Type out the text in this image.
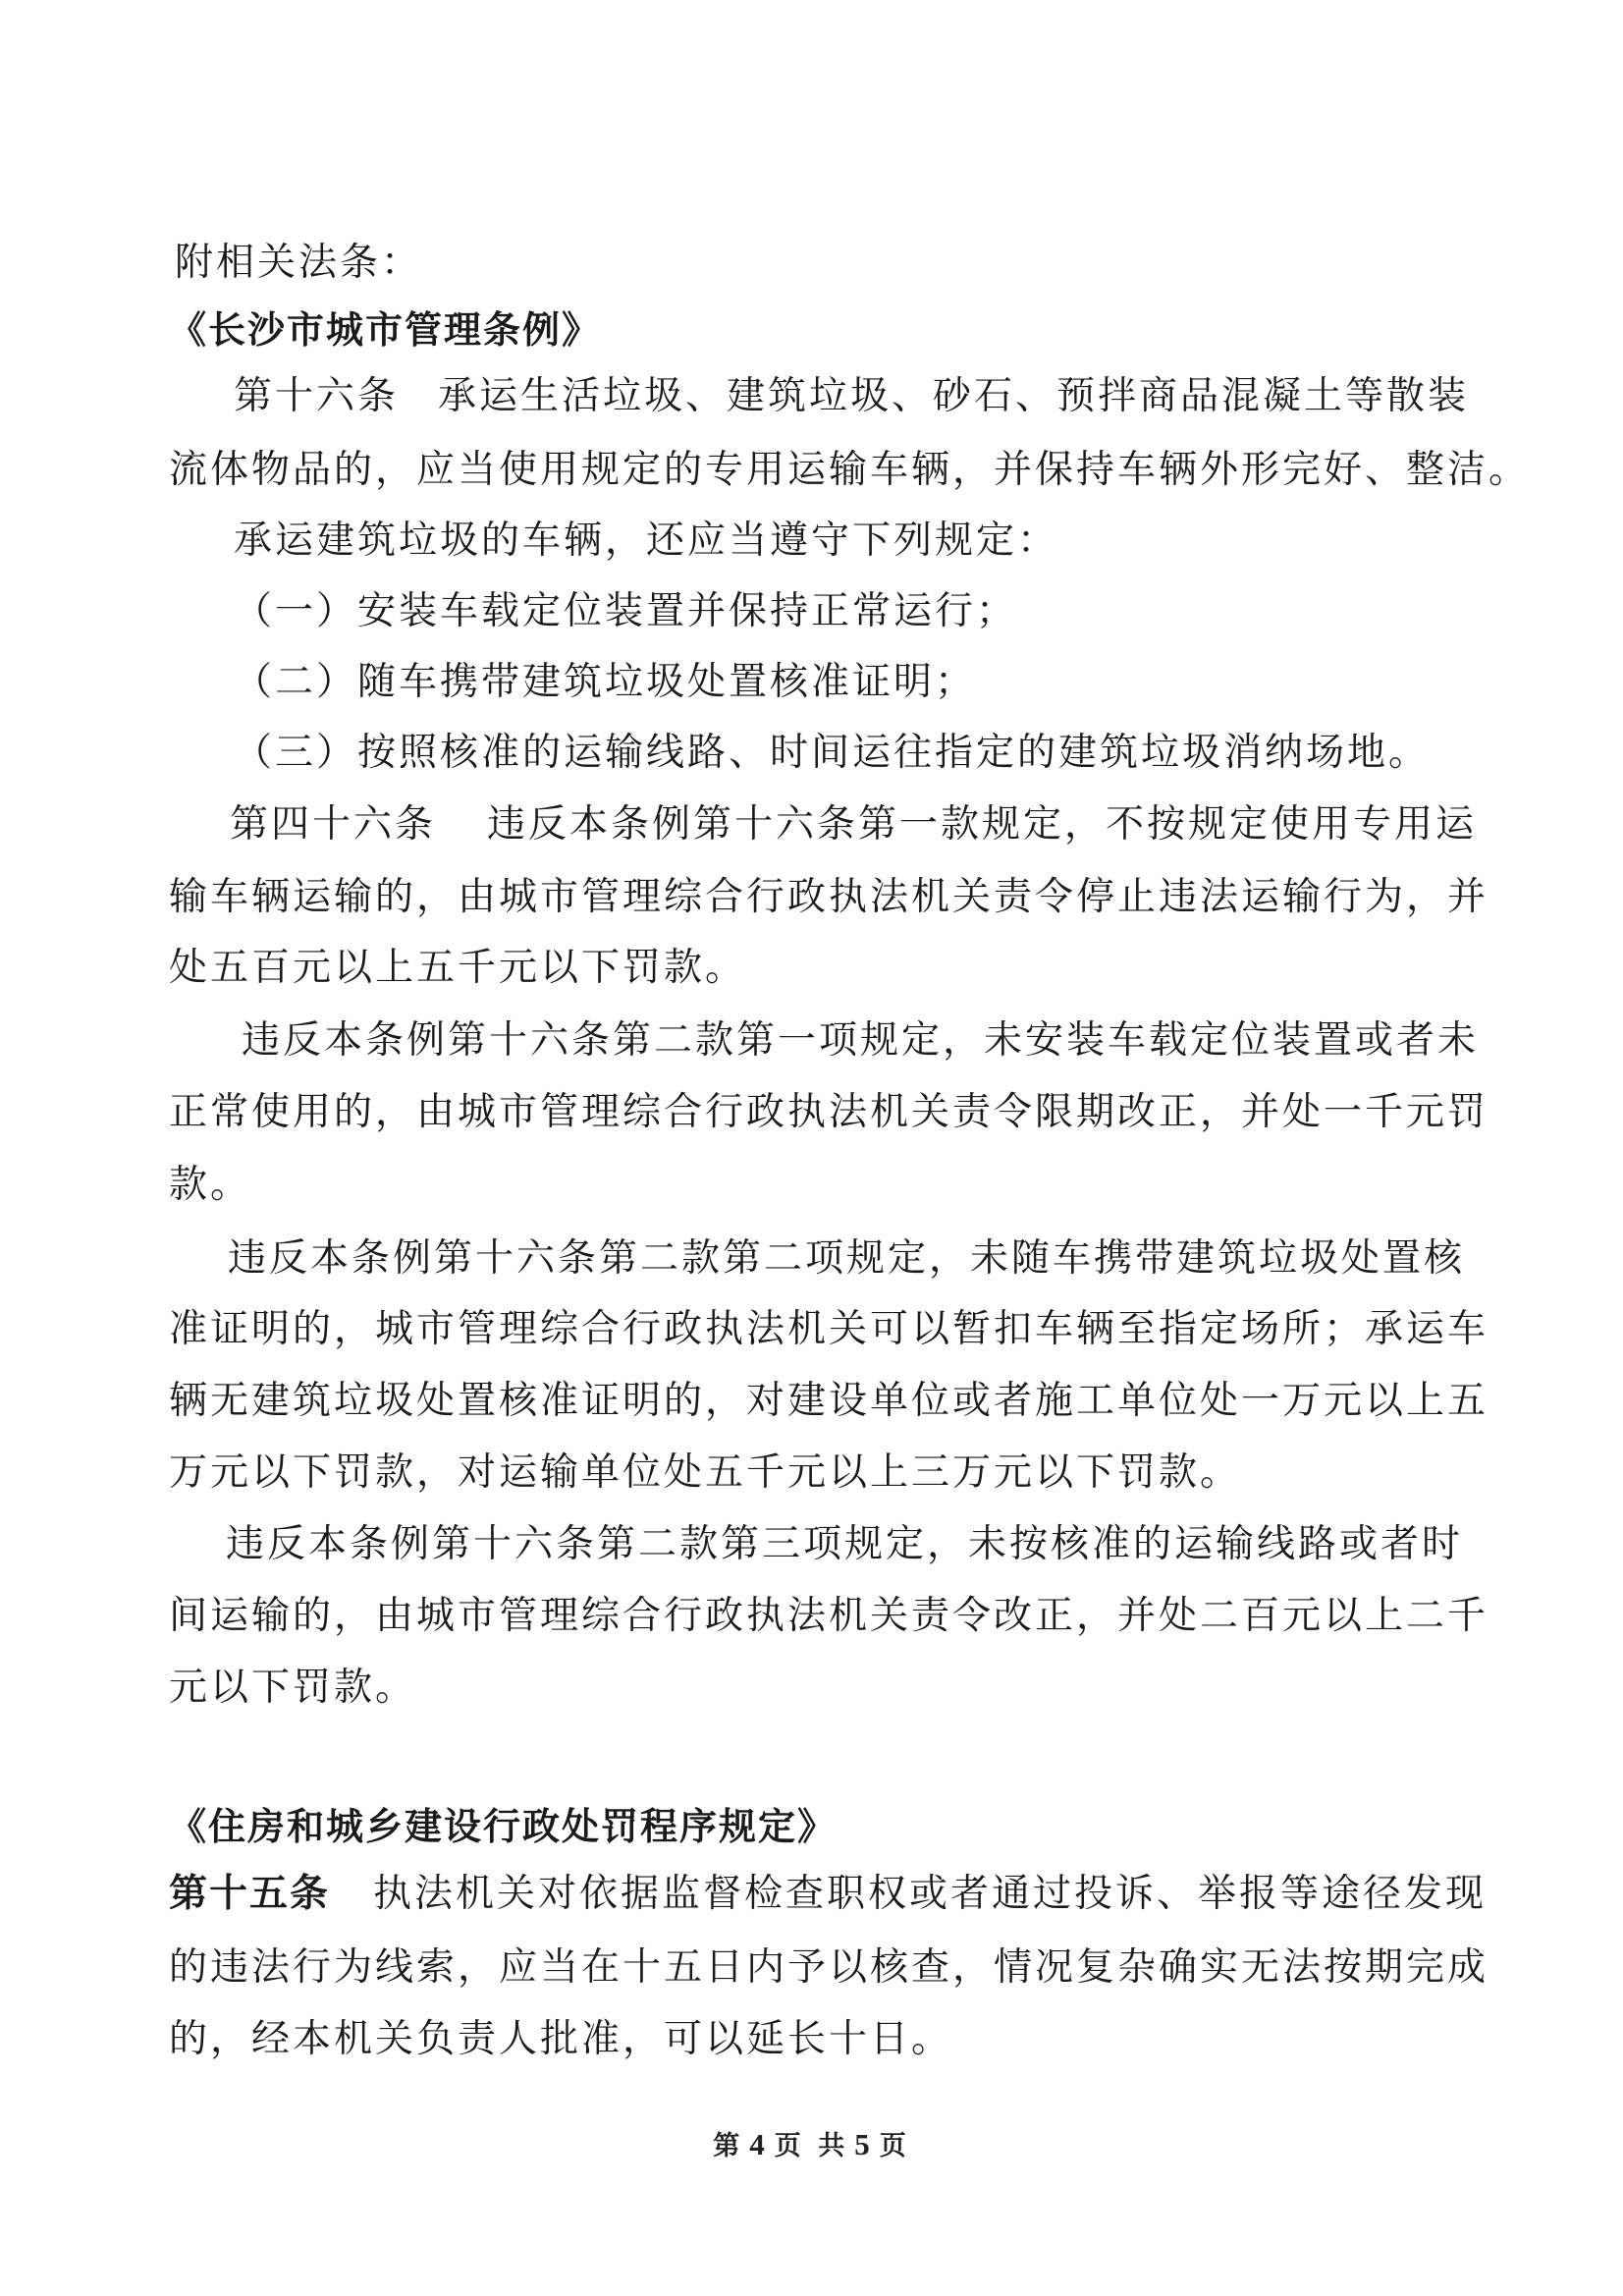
附相关法条：
《长沙市城市管理条例》
第十六条 承运生活垃圾、建筑垃圾、砂石、预拌商品混凝土等散装
流体物品的，应当使用规定的专用运输车辆，并保持车辆外形完好、整洁。
承运建筑垃圾的车辆，还应当遵守下列规定：
（一）安装车载定位装置并保持正常运行；
（二）随车携带建筑垃圾处置核准证明；
（三）按照核准的运输线路、时间运往指定的建筑垃圾消纳场地。
第四十六条 违反本条例第十六条第一款规定，不按规定使用专用运
输车辆运输的，由城市管理综合行政执法机关责令停止违法运输行为，并
处五百元以上五千元以下罚款。
违反本条例第十六条第二款第一项规定，未安装车载定位装置或者未
正常使用的，由城市管理综合行政执法机关责令限期改正，并处一千元罚
款。
违反本条例第十六条第二款第二项规定，未随车携带建筑垃圾处置核
准证明的，城市管理综合行政执法机关可以暂扣车辆至指定场所；承运车
辆无建筑垃圾处置核准证明的，对建设单位或者施工单位处一万元以上五
万元以下罚款，对运输单位处五千元以上三万元以下罚款。
违反本条例第十六条第二款第三项规定，未按核准的运输线路或者时
间运输的，由城市管理综合行政执法机关责令改正，并处二百元以上二千
元以下罚款。
《住房和城乡建设行政处罚程序规定》
第十五条 执法机关对依据监督检查职权或者通过投诉、举报等途径发现
的违法行为线索，应当在十五日内予以核查，情况复杂确实无法按期完成
的，经本机关负责人批准，可以延长十日。
第 4 页 共 5 页
